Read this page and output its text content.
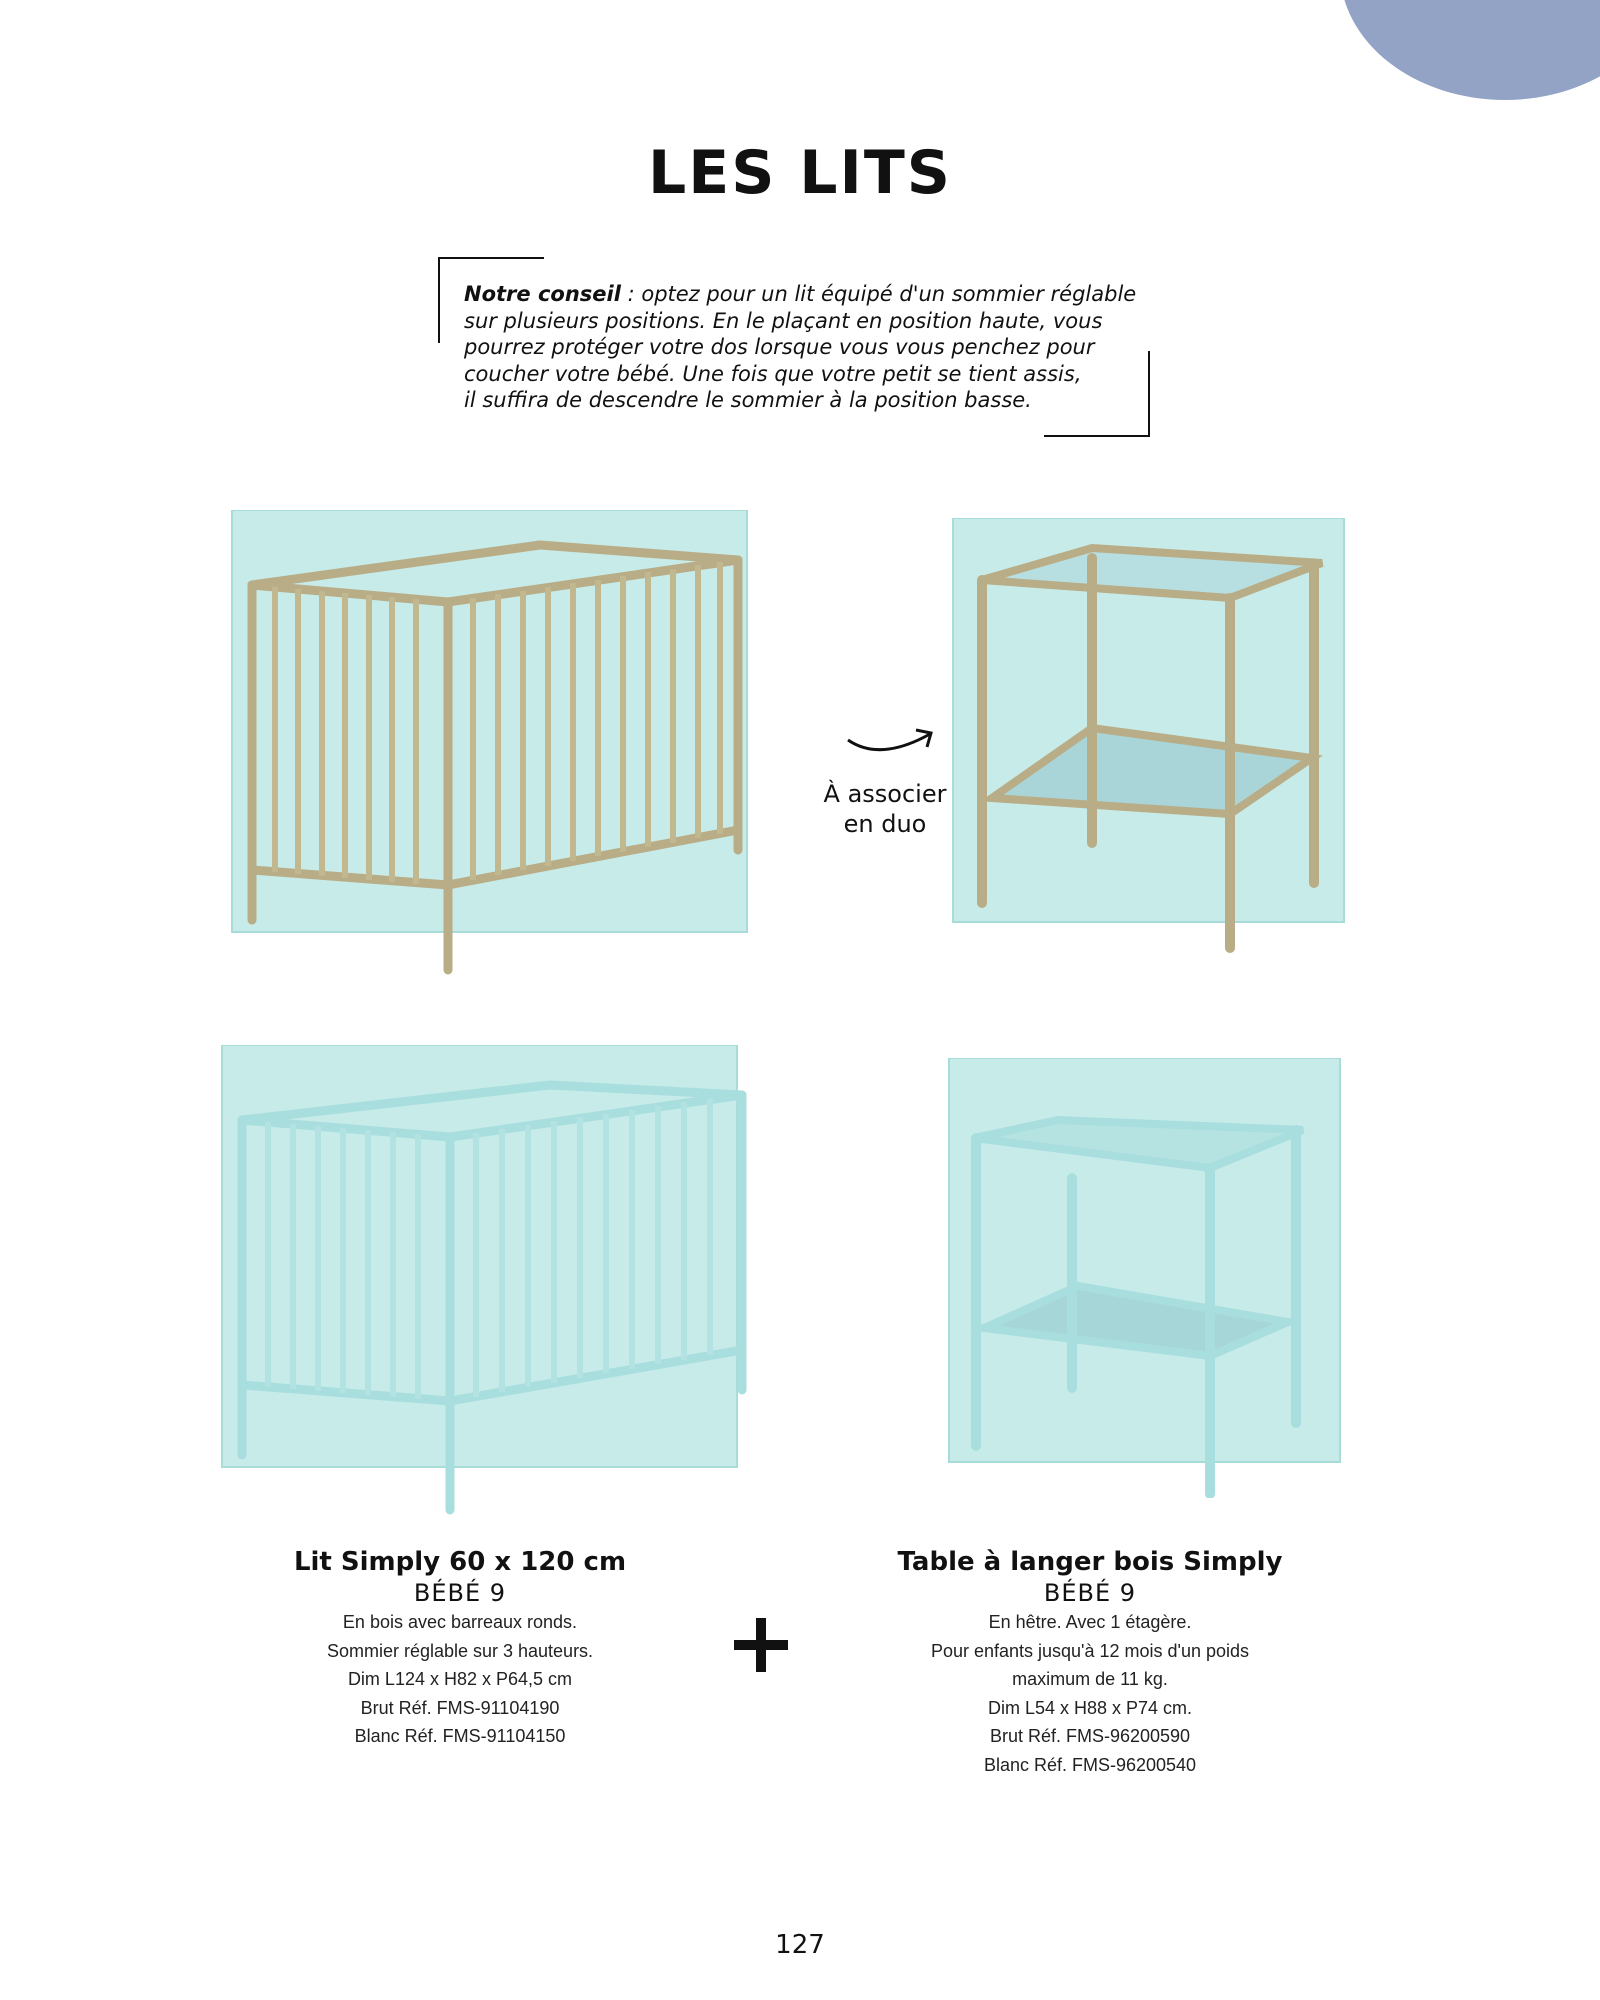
LES LITS
Notre conseil : optez pour un lit équipé d'un sommier réglable
sur plusieurs positions. En le plaçant en position haute, vous
pourrez protéger votre dos lorsque vous vous penchez pour
coucher votre bébé. Une fois que votre petit se tient assis,
il suffira de descendre le sommier à la position basse.
À associer
en duo
Lit Simply 60 x 120 cm
BÉBÉ 9
En bois avec barreaux ronds.
Sommier réglable sur 3 hauteurs.
Dim L124 x H82 x P64,5 cm
Brut Réf. FMS-91104190
Blanc Réf. FMS-91104150
Table à langer bois Simply
BÉBÉ 9
En hêtre. Avec 1 étagère.
Pour enfants jusqu'à 12 mois d'un poids
maximum de 11 kg.
Dim L54 x H88 x P74 cm.
Brut Réf. FMS-96200590
Blanc Réf. FMS-96200540
127
